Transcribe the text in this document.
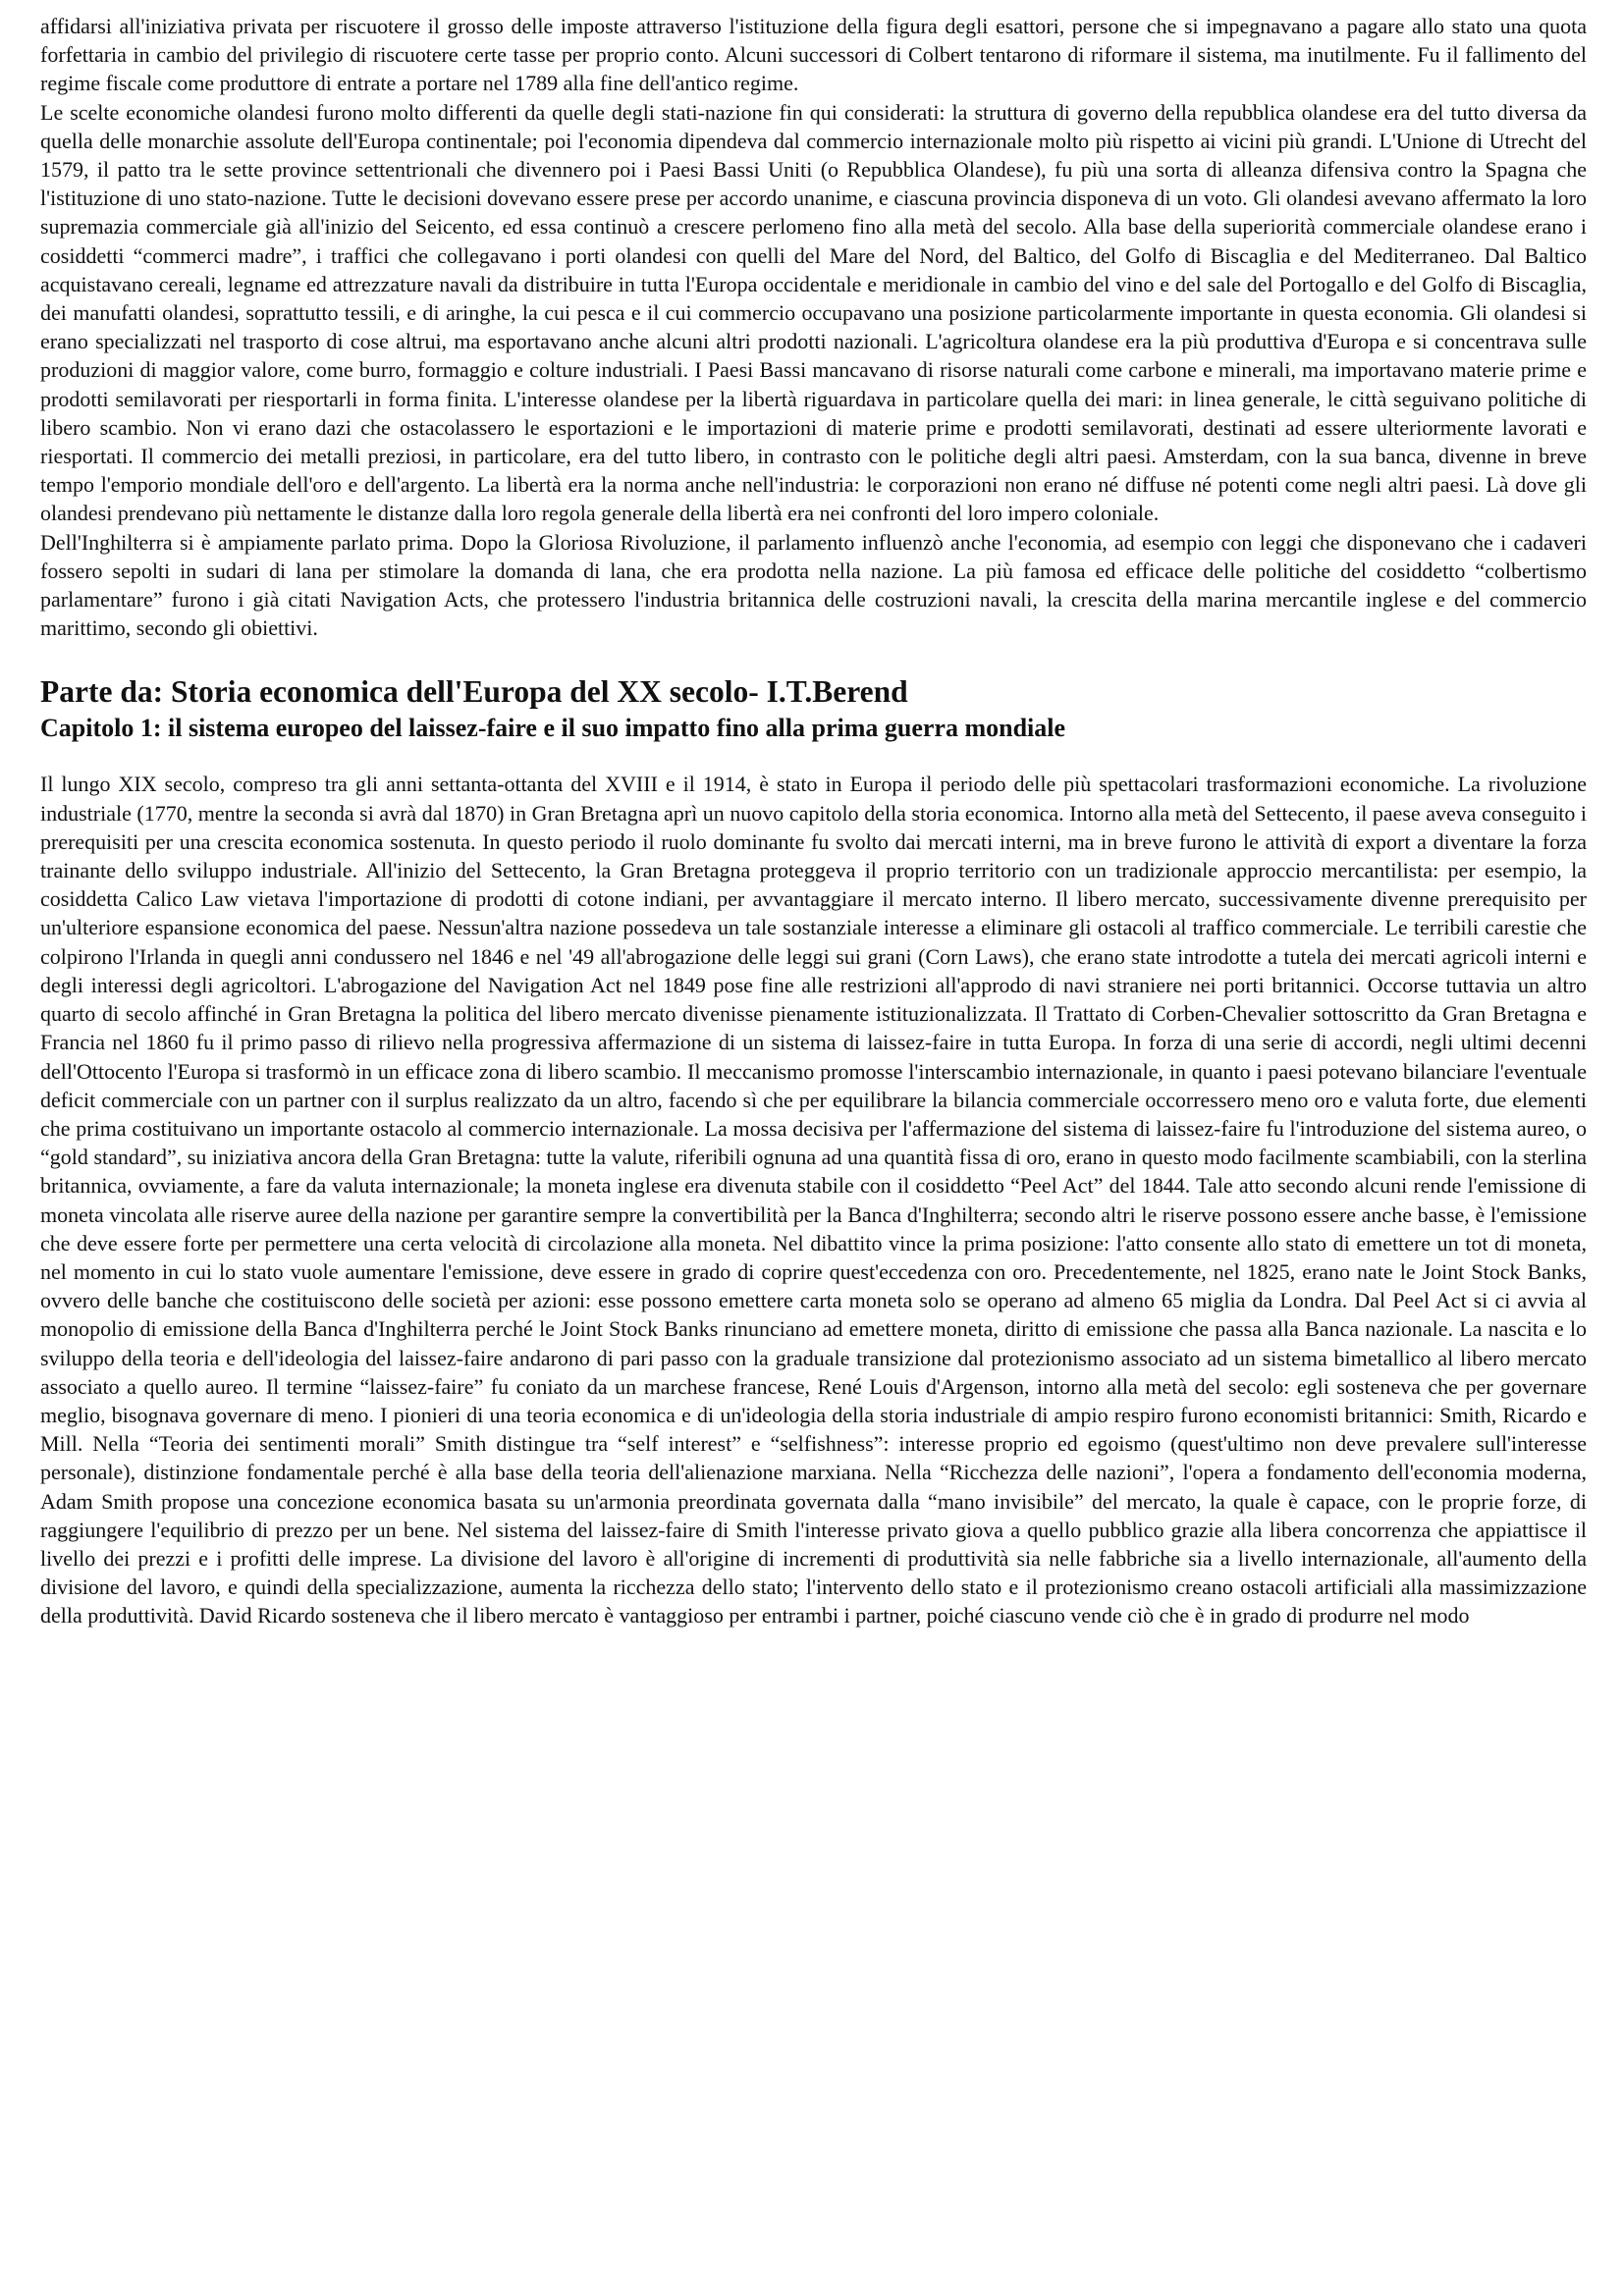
affidarsi all'iniziativa privata per riscuotere il grosso delle imposte attraverso l'istituzione della figura degli esattori, persone che si impegnavano a pagare allo stato una quota forfettaria in cambio del privilegio di riscuotere certe tasse per proprio conto. Alcuni successori di Colbert tentarono di riformare il sistema, ma inutilmente. Fu il fallimento del regime fiscale come produttore di entrate a portare nel 1789 alla fine dell'antico regime.

Le scelte economiche olandesi furono molto differenti da quelle degli stati-nazione fin qui considerati: la struttura di governo della repubblica olandese era del tutto diversa da quella delle monarchie assolute dell'Europa continentale; poi l'economia dipendeva dal commercio internazionale molto più rispetto ai vicini più grandi. L'Unione di Utrecht del 1579, il patto tra le sette province settentrionali che divennero poi i Paesi Bassi Uniti (o Repubblica Olandese), fu più una sorta di alleanza difensiva contro la Spagna che l'istituzione di uno stato-nazione. Tutte le decisioni dovevano essere prese per accordo unanime, e ciascuna provincia disponeva di un voto. Gli olandesi avevano affermato la loro supremazia commerciale già all'inizio del Seicento, ed essa continuò a crescere perlomeno fino alla metà del secolo. Alla base della superiorità commerciale olandese erano i cosiddetti “commerci madre”, i traffici che collegavano i porti olandesi con quelli del Mare del Nord, del Baltico, del Golfo di Biscaglia e del Mediterraneo. Dal Baltico acquistavano cereali, legname ed attrezzature navali da distribuire in tutta l'Europa occidentale e meridionale in cambio del vino e del sale del Portogallo e del Golfo di Biscaglia, dei manufatti olandesi, soprattutto tessili, e di aringhe, la cui pesca e il cui commercio occupavano una posizione particolarmente importante in questa economia. Gli olandesi si erano specializzati nel trasporto di cose altrui, ma esportavano anche alcuni altri prodotti nazionali. L'agricoltura olandese era la più produttiva d'Europa e si concentrava sulle produzioni di maggior valore, come burro, formaggio e colture industriali. I Paesi Bassi mancavano di risorse naturali come carbone e minerali, ma importavano materie prime e prodotti semilavorati per riesportarli in forma finita. L'interesse olandese per la libertà riguardava in particolare quella dei mari: in linea generale, le città seguivano politiche di libero scambio. Non vi erano dazi che ostacolassero le esportazioni e le importazioni di materie prime e prodotti semilavorati, destinati ad essere ulteriormente lavorati e riesportati. Il commercio dei metalli preziosi, in particolare, era del tutto libero, in contrasto con le politiche degli altri paesi. Amsterdam, con la sua banca, divenne in breve tempo l'emporio mondiale dell'oro e dell'argento. La libertà era la norma anche nell'industria: le corporazioni non erano né diffuse né potenti come negli altri paesi. Là dove gli olandesi prendevano più nettamente le distanze dalla loro regola generale della libertà era nei confronti del loro impero coloniale.

Dell'Inghilterra si è ampiamente parlato prima. Dopo la Gloriosa Rivoluzione, il parlamento influenzò anche l'economia, ad esempio con leggi che disponevano che i cadaveri fossero sepolti in sudari di lana per stimolare la domanda di lana, che era prodotta nella nazione. La più famosa ed efficace delle politiche del cosiddetto “colbertismo parlamentare” furono i già citati Navigation Acts, che protessero l'industria britannica delle costruzioni navali, la crescita della marina mercantile inglese e del commercio marittimo, secondo gli obiettivi.

Parte da: Storia economica dell'Europa del XX secolo- I.T.Berend
Capitolo 1: il sistema europeo del laissez-faire e il suo impatto fino alla prima guerra mondiale

Il lungo XIX secolo, compreso tra gli anni settanta-ottanta del XVIII e il 1914, è stato in Europa il periodo delle più spettacolari trasformazioni economiche. La rivoluzione industriale (1770, mentre la seconda si avrà dal 1870) in Gran Bretagna aprì un nuovo capitolo della storia economica. Intorno alla metà del Settecento, il paese aveva conseguito i prerequisiti per una crescita economica sostenuta. In questo periodo il ruolo dominante fu svolto dai mercati interni, ma in breve furono le attività di export a diventare la forza trainante dello sviluppo industriale. All'inizio del Settecento, la Gran Bretagna proteggeva il proprio territorio con un tradizionale approccio mercantilista: per esempio, la cosiddetta Calico Law vietava l'importazione di prodotti di cotone indiani, per avvantaggiare il mercato interno. Il libero mercato, successivamente divenne prerequisito per un'ulteriore espansione economica del paese. Nessun'altra nazione possedeva un tale sostanziale interesse a eliminare gli ostacoli al traffico commerciale. Le terribili carestie che colpirono l'Irlanda in quegli anni condussero nel 1846 e nel '49 all'abrogazione delle leggi sui grani (Corn Laws), che erano state introdotte a tutela dei mercati agricoli interni e degli interessi degli agricoltori. L'abrogazione del Navigation Act nel 1849 pose fine alle restrizioni all'approdo di navi straniere nei porti britannici. Occorse tuttavia un altro quarto di secolo affinché in Gran Bretagna la politica del libero mercato divenisse pienamente istituzionalizzata. Il Trattato di Corben-Chevalier sottoscritto da Gran Bretagna e Francia nel 1860 fu il primo passo di rilievo nella progressiva affermazione di un sistema di laissez-faire in tutta Europa. In forza di una serie di accordi, negli ultimi decenni dell'Ottocento l'Europa si trasformò in un efficace zona di libero scambio. Il meccanismo promosse l'interscambio internazionale, in quanto i paesi potevano bilanciare l'eventuale deficit commerciale con un partner con il surplus realizzato da un altro, facendo sì che per equilibrare la bilancia commerciale occorressero meno oro e valuta forte, due elementi che prima costituivano un importante ostacolo al commercio internazionale. La mossa decisiva per l'affermazione del sistema di laissez-faire fu l'introduzione del sistema aureo, o “gold standard”, su iniziativa ancora della Gran Bretagna: tutte la valute, riferibili ognuna ad una quantità fissa di oro, erano in questo modo facilmente scambiabili, con la sterlina britannica, ovviamente, a fare da valuta internazionale; la moneta inglese era divenuta stabile con il cosiddetto “Peel Act” del 1844. Tale atto secondo alcuni rende l'emissione di moneta vincolata alle riserve auree della nazione per garantire sempre la convertibilità per la Banca d'Inghilterra; secondo altri le riserve possono essere anche basse, è l'emissione che deve essere forte per permettere una certa velocità di circolazione alla moneta. Nel dibattito vince la prima posizione: l'atto consente allo stato di emettere un tot di moneta, nel momento in cui lo stato vuole aumentare l'emissione, deve essere in grado di coprire quest'eccedenza con oro. Precedentemente, nel 1825, erano nate le Joint Stock Banks, ovvero delle banche che costituiscono delle società per azioni: esse possono emettere carta moneta solo se operano ad almeno 65 miglia da Londra. Dal Peel Act si ci avvia al monopolio di emissione della Banca d'Inghilterra perché le Joint Stock Banks rinunciano ad emettere moneta, diritto di emissione che passa alla Banca nazionale. La nascita e lo sviluppo della teoria e dell'ideologia del laissez-faire andarono di pari passo con la graduale transizione dal protezionismo associato ad un sistema bimetallico al libero mercato associato a quello aureo. Il termine “laissez-faire” fu coniato da un marchese francese, René Louis d'Argenson, intorno alla metà del secolo: egli sosteneva che per governare meglio, bisognava governare di meno. I pionieri di una teoria economica e di un'ideologia della storia industriale di ampio respiro furono economisti britannici: Smith, Ricardo e Mill. Nella “Teoria dei sentimenti morali” Smith distingue tra “self interest” e “selfishness”: interesse proprio ed egoismo (quest'ultimo non deve prevalere sull'interesse personale), distinzione fondamentale perché è alla base della teoria dell'alienazione marxiana. Nella “Ricchezza delle nazioni”, l'opera a fondamento dell'economia moderna, Adam Smith propose una concezione economica basata su un'armonia preordinata governata dalla “mano invisibile” del mercato, la quale è capace, con le proprie forze, di raggiungere l'equilibrio di prezzo per un bene. Nel sistema del laissez-faire di Smith l'interesse privato giova a quello pubblico grazie alla libera concorrenza che appiattisce il livello dei prezzi e i profitti delle imprese. La divisione del lavoro è all'origine di incrementi di produttività sia nelle fabbriche sia a livello internazionale, all'aumento della divisione del lavoro, e quindi della specializzazione, aumenta la ricchezza dello stato; l'intervento dello stato e il protezionismo creano ostacoli artificiali alla massimizzazione della produttività. David Ricardo sosteneva che il libero mercato è vantaggioso per entrambi i partner, poiché ciascuno vende ciò che è in grado di produrre nel modo
